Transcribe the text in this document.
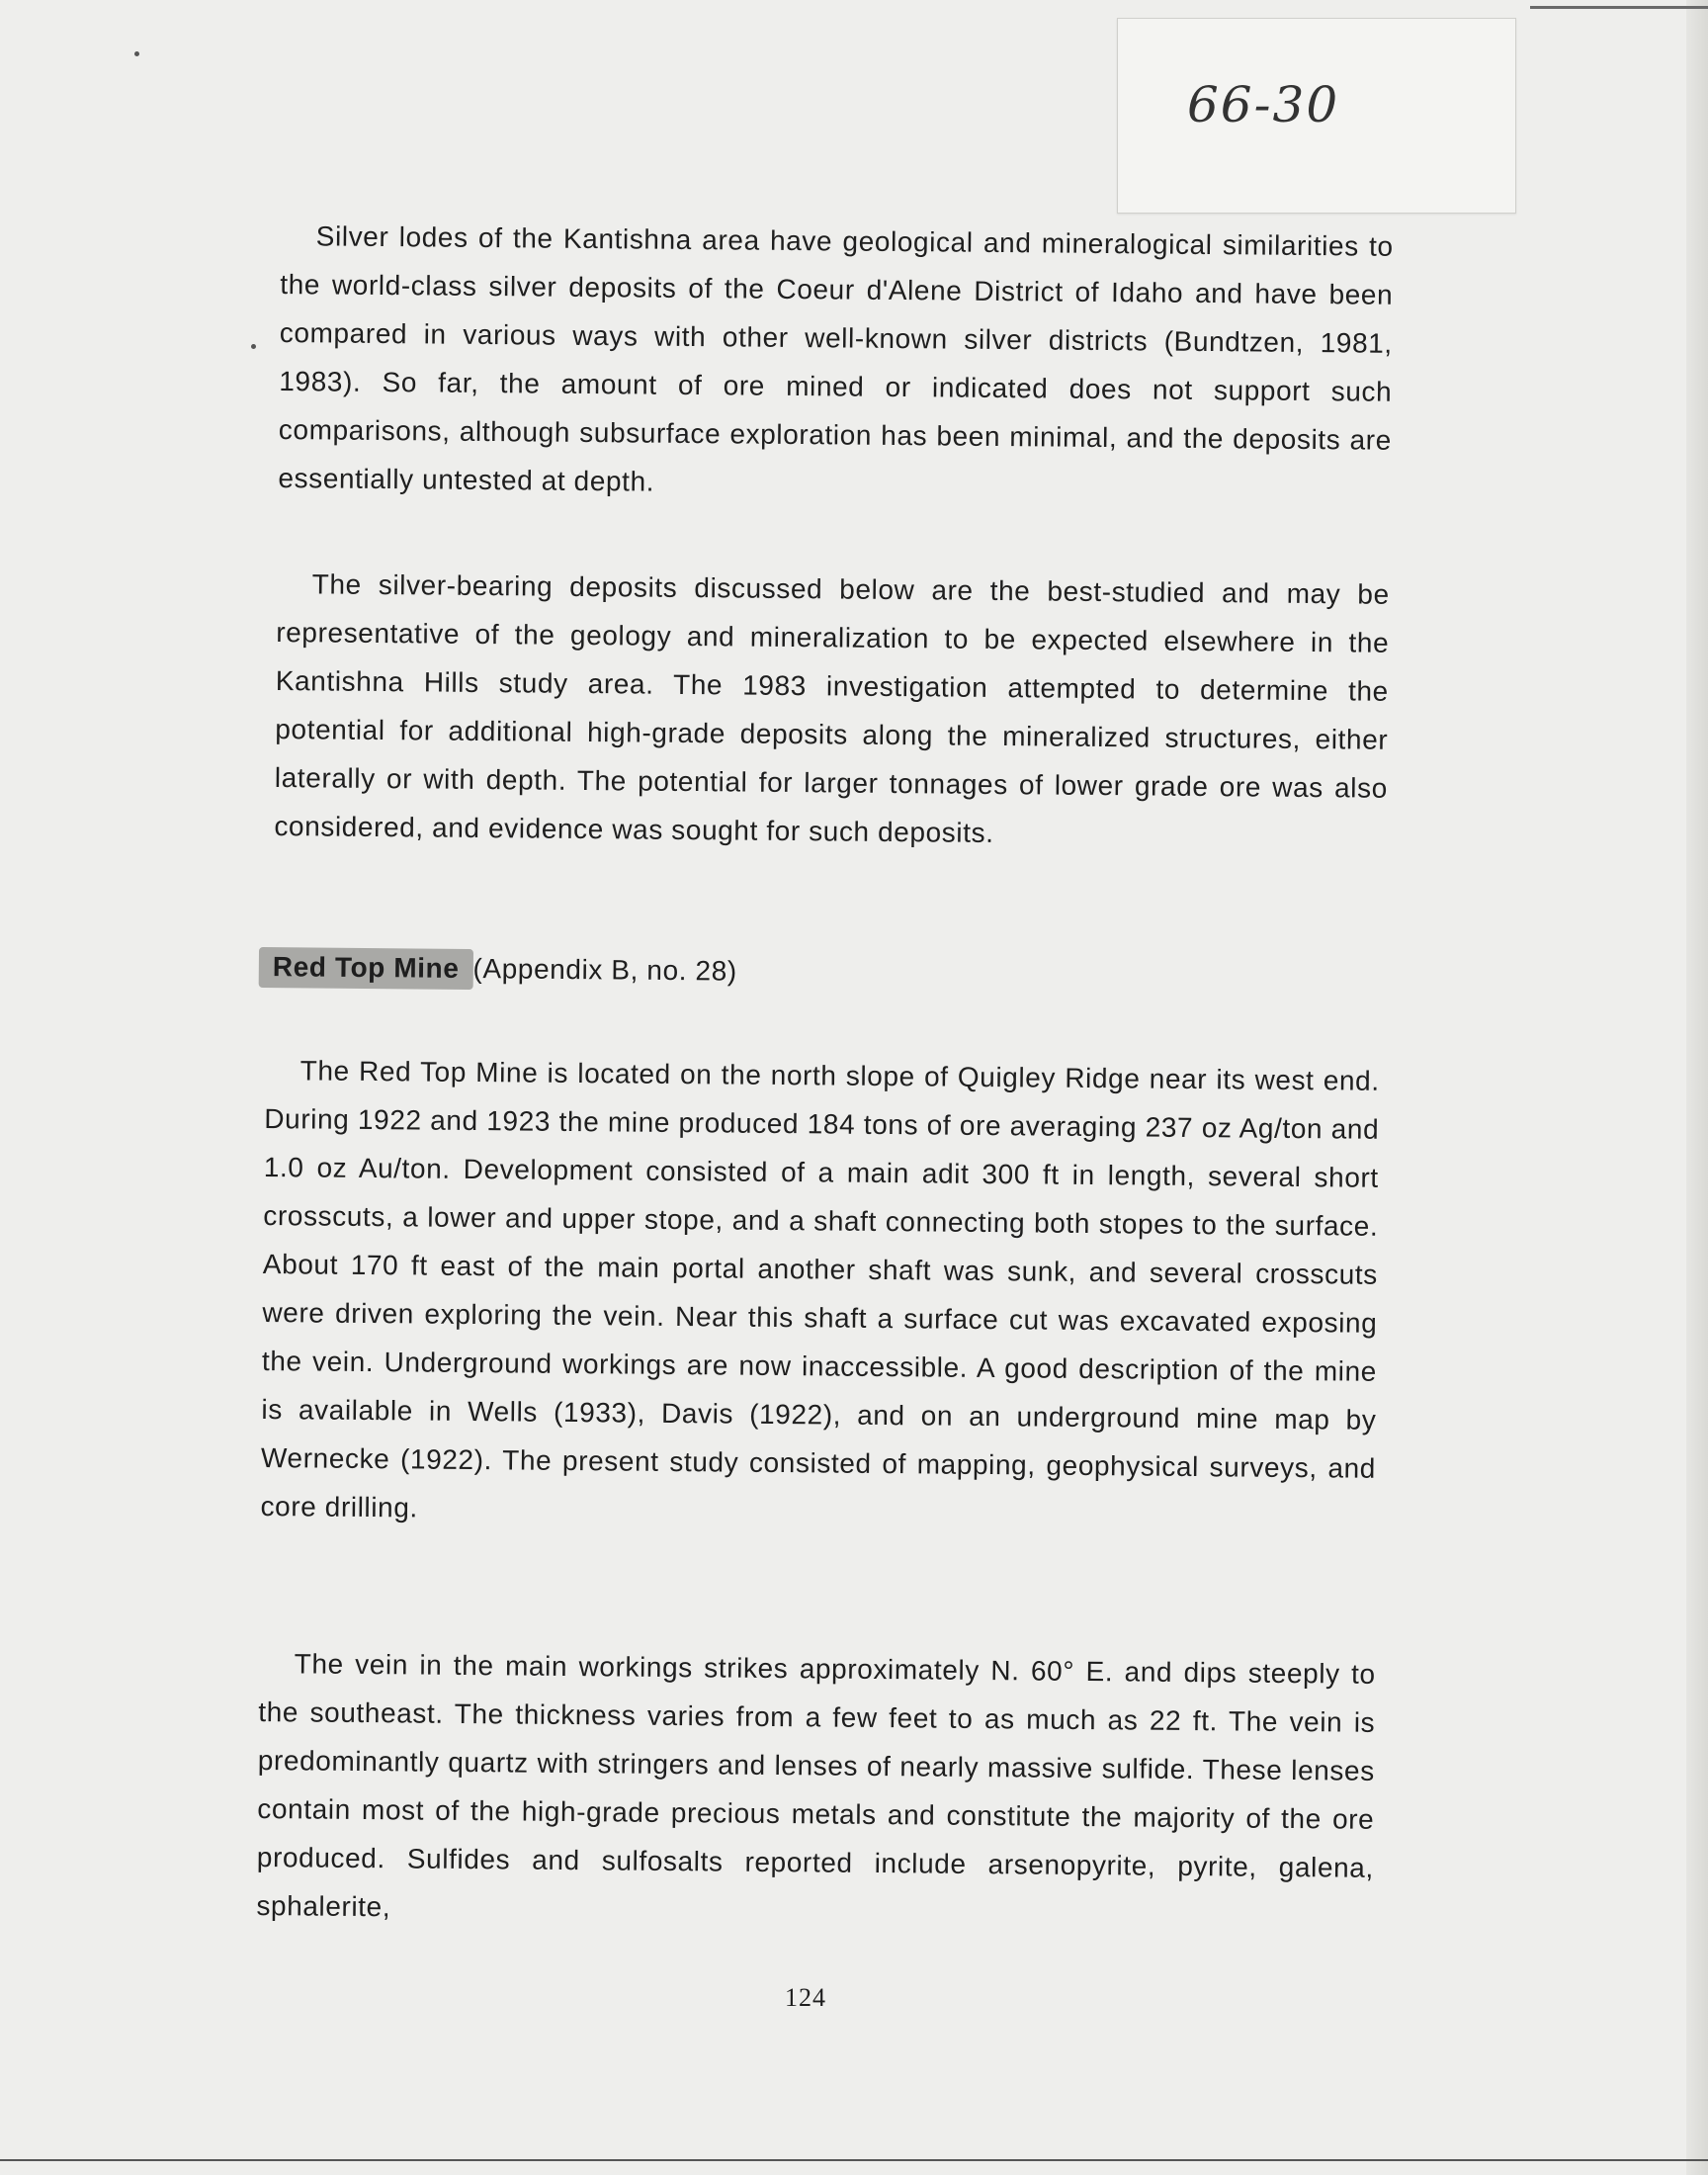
66-30
Silver lodes of the Kantishna area have geological and mineralogical similarities to the world-class silver deposits of the Coeur d'Alene District of Idaho and have been compared in various ways with other well-known silver districts (Bundtzen, 1981, 1983). So far, the amount of ore mined or indicated does not support such comparisons, although subsurface exploration has been minimal, and the deposits are essentially untested at depth.
The silver-bearing deposits discussed below are the best-studied and may be representative of the geology and mineralization to be expected elsewhere in the Kantishna Hills study area. The 1983 investigation attempted to determine the potential for additional high-grade deposits along the mineralized structures, either laterally or with depth. The potential for larger tonnages of lower grade ore was also considered, and evidence was sought for such deposits.
Red Top Mine (Appendix B, no. 28)
The Red Top Mine is located on the north slope of Quigley Ridge near its west end. During 1922 and 1923 the mine produced 184 tons of ore averaging 237 oz Ag/ton and 1.0 oz Au/ton. Development consisted of a main adit 300 ft in length, several short crosscuts, a lower and upper stope, and a shaft connecting both stopes to the surface. About 170 ft east of the main portal another shaft was sunk, and several crosscuts were driven exploring the vein. Near this shaft a surface cut was excavated exposing the vein. Underground workings are now inaccessible. A good description of the mine is available in Wells (1933), Davis (1922), and on an underground mine map by Wernecke (1922). The present study consisted of mapping, geophysical surveys, and core drilling.
The vein in the main workings strikes approximately N. 60° E. and dips steeply to the southeast. The thickness varies from a few feet to as much as 22 ft. The vein is predominantly quartz with stringers and lenses of nearly massive sulfide. These lenses contain most of the high-grade precious metals and constitute the majority of the ore produced. Sulfides and sulfosalts reported include arsenopyrite, pyrite, galena, sphalerite,
124
